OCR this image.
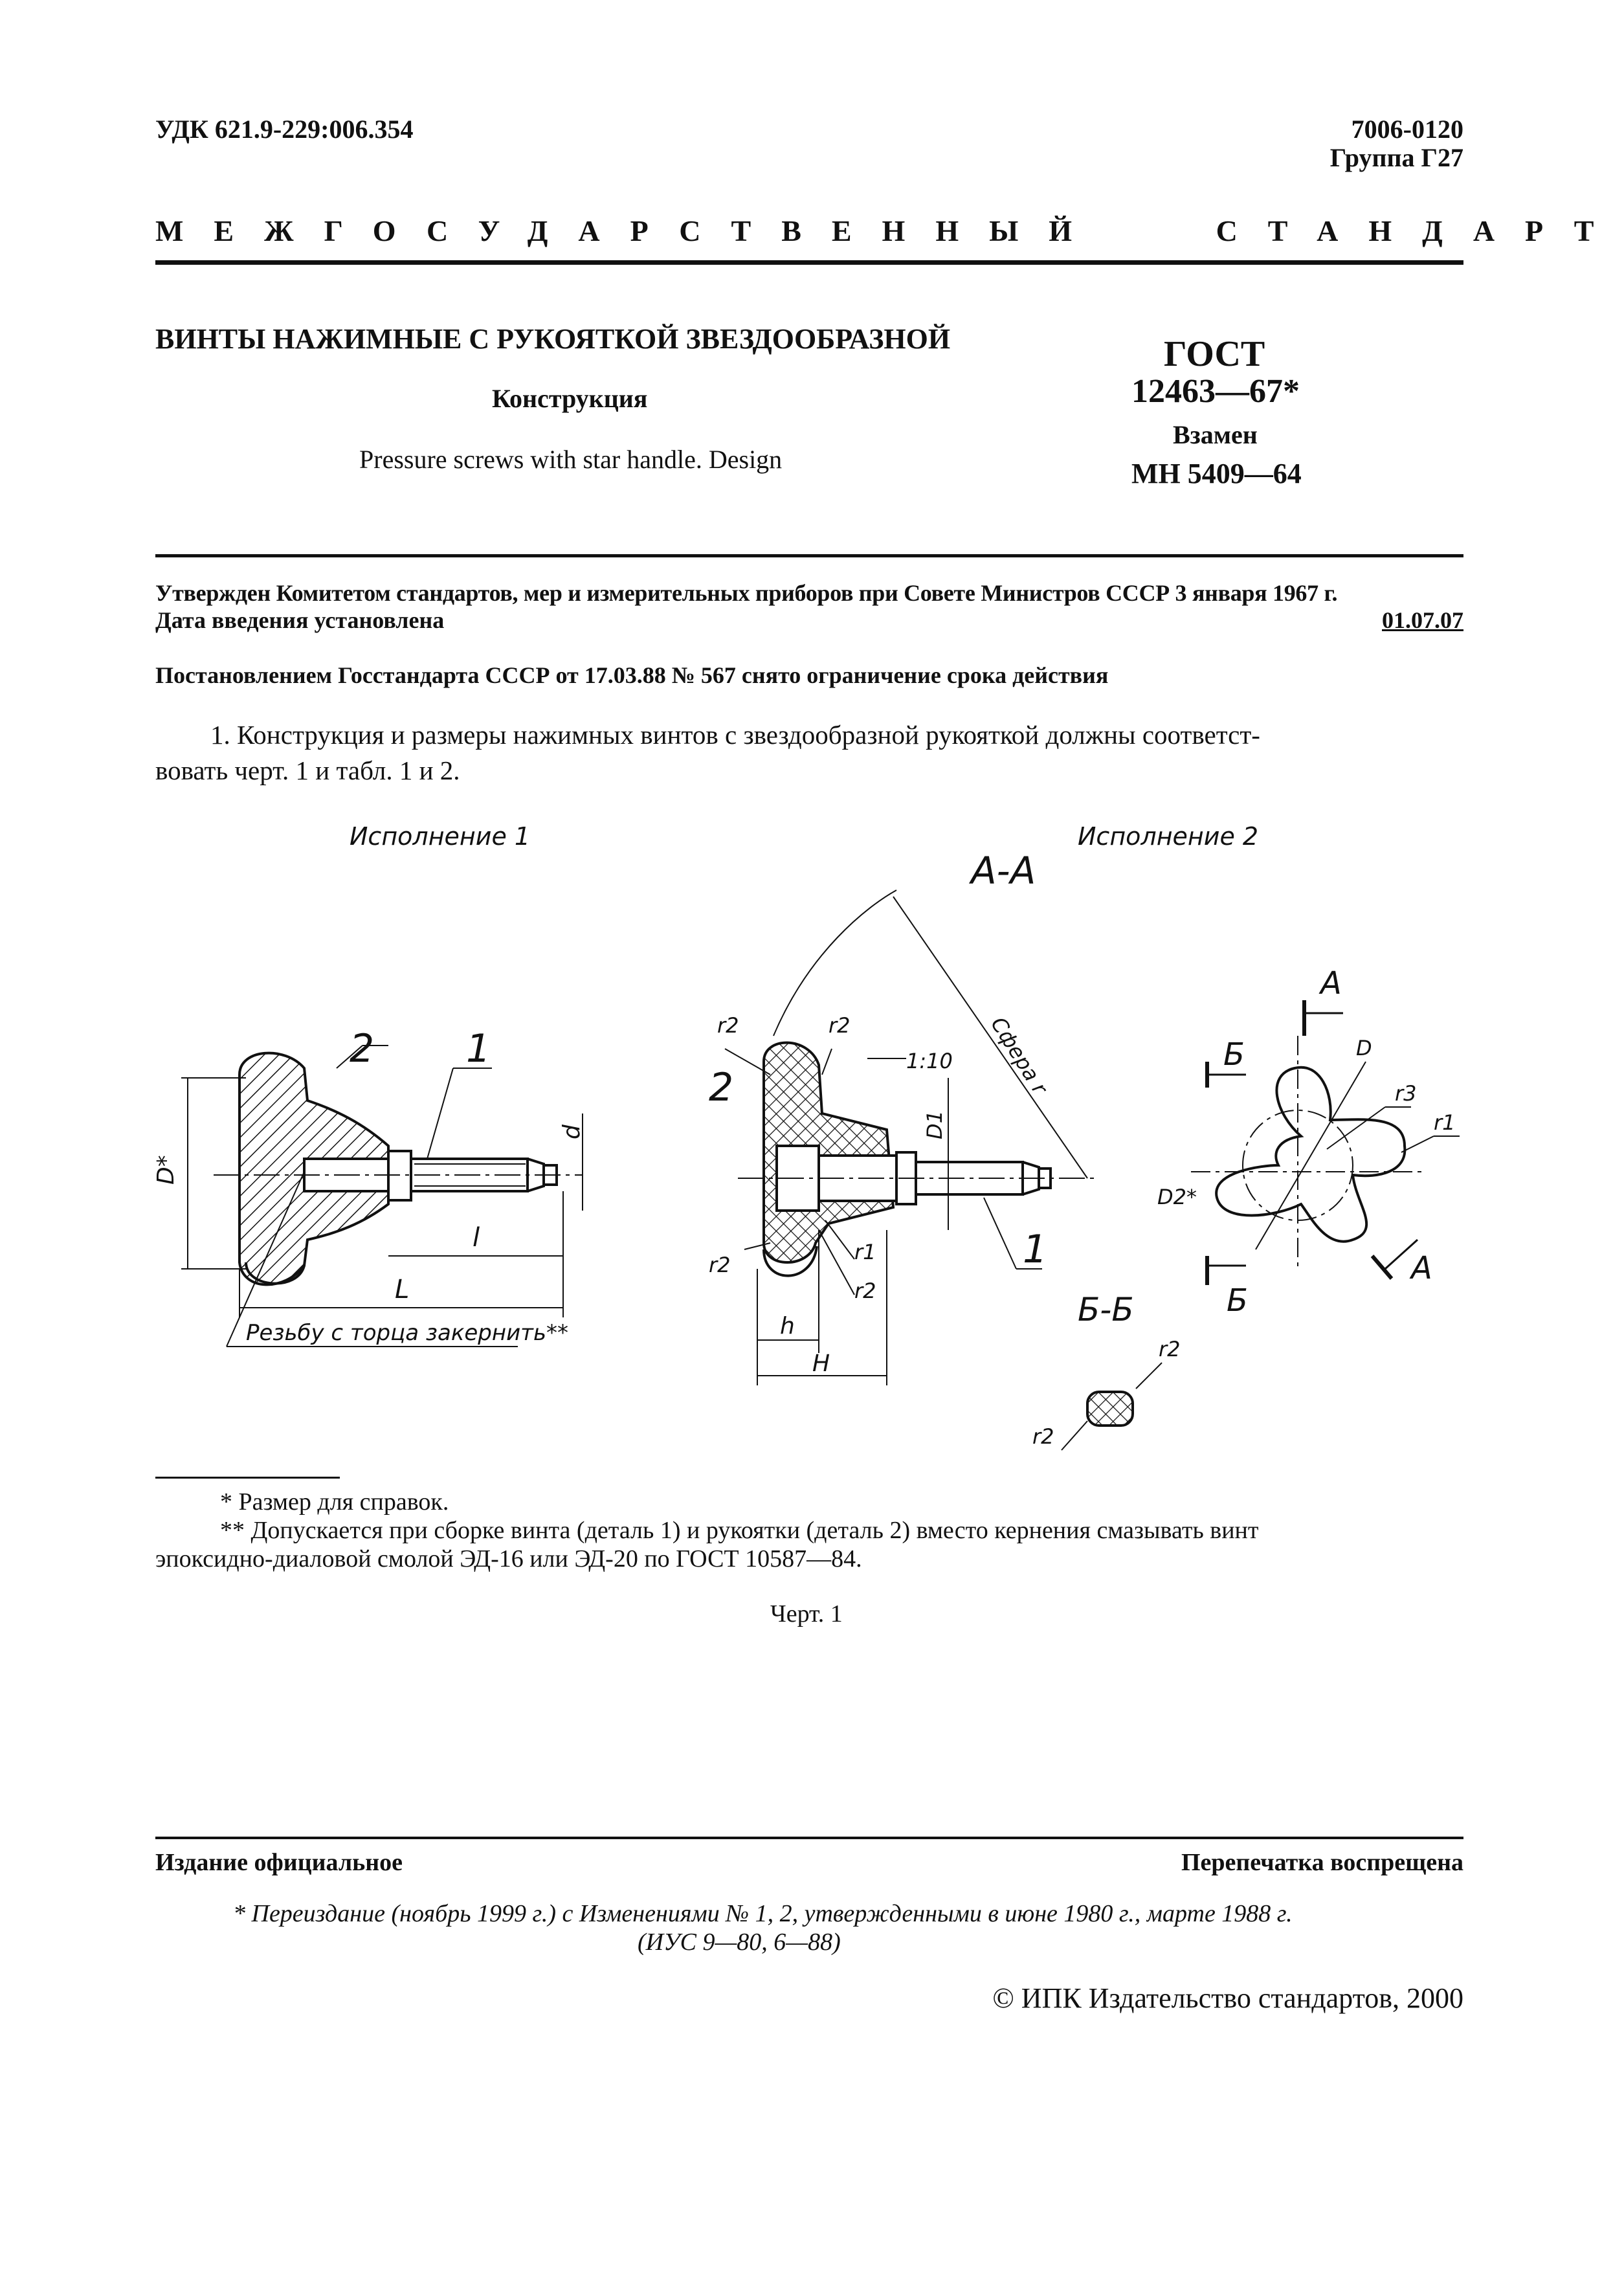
УДК 621.9-229:006.354	7006-0120
Группа Г27
МЕЖГОСУДАРСТВЕННЫЙ   СТАНДАРТ
ВИНТЫ НАЖИМНЫЕ С РУКОЯТКОЙ ЗВЕЗДООБРАЗНОЙ
Конструкция
Pressure screws with star handle. Design
ГОСТ
12463—67*
Взамен
МН 5409—64
Утвержден Комитетом стандартов, мер и измерительных приборов при Совете Министров СССР 3 января 1967 г.
Дата введения установлена	01.07.07
Постановлением Госстандарта СССР от 17.03.88 № 567 снято ограничение срока действия
1. Конструкция и размеры нажимных винтов с звездообразной рукояткой должны соответст-
вовать черт. 1 и табл. 1 и 2.
Исполнение 1	Исполнение 2
2 1
D*
d
l
L
Резьбу с торца закернить**
А-А
r2	r2
2
1:10
D1
Сфера r
1
r2
r1
r2
h
H
А
Б	D
r3
r1
D2*
Б
А
Б-Б
r2
r2
* Размер для справок.
** Допускается при сборке винта (деталь 1) и рукоятки (деталь 2) вместо кернения смазывать винт
эпоксидно-диаловой смолой ЭД-16 или ЭД-20 по ГОСТ 10587—84.
Черт. 1
Издание официальное	Перепечатка воспрещена
* Переиздание (ноябрь 1999 г.) с Изменениями № 1, 2, утвержденными в июне 1980 г., марте 1988 г.
(ИУС 9—80, 6—88)
© ИПК Издательство стандартов, 2000
